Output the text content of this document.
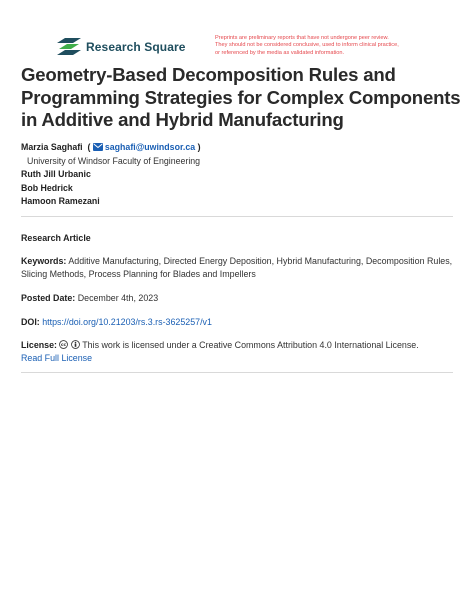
Research Square
Preprints are preliminary reports that have not undergone peer review.
They should not be considered conclusive, used to inform clinical practice,
or referenced by the media as validated information.
Geometry-Based Decomposition Rules and Programming Strategies for Complex Components in Additive and Hybrid Manufacturing
Marzia Saghafi  ( saghafi@uwindsor.ca )
University of Windsor Faculty of Engineering
Ruth Jill Urbanic
Bob Hedrick
Hamoon Ramezani
Research Article
Keywords: Additive Manufacturing, Directed Energy Deposition, Hybrid Manufacturing, Decomposition Rules, Slicing Methods, Process Planning for Blades and Impellers
Posted Date: December 4th, 2023
DOI: https://doi.org/10.21203/rs.3.rs-3625257/v1
License: cc This work is licensed under a Creative Commons Attribution 4.0 International License.
Read Full License
